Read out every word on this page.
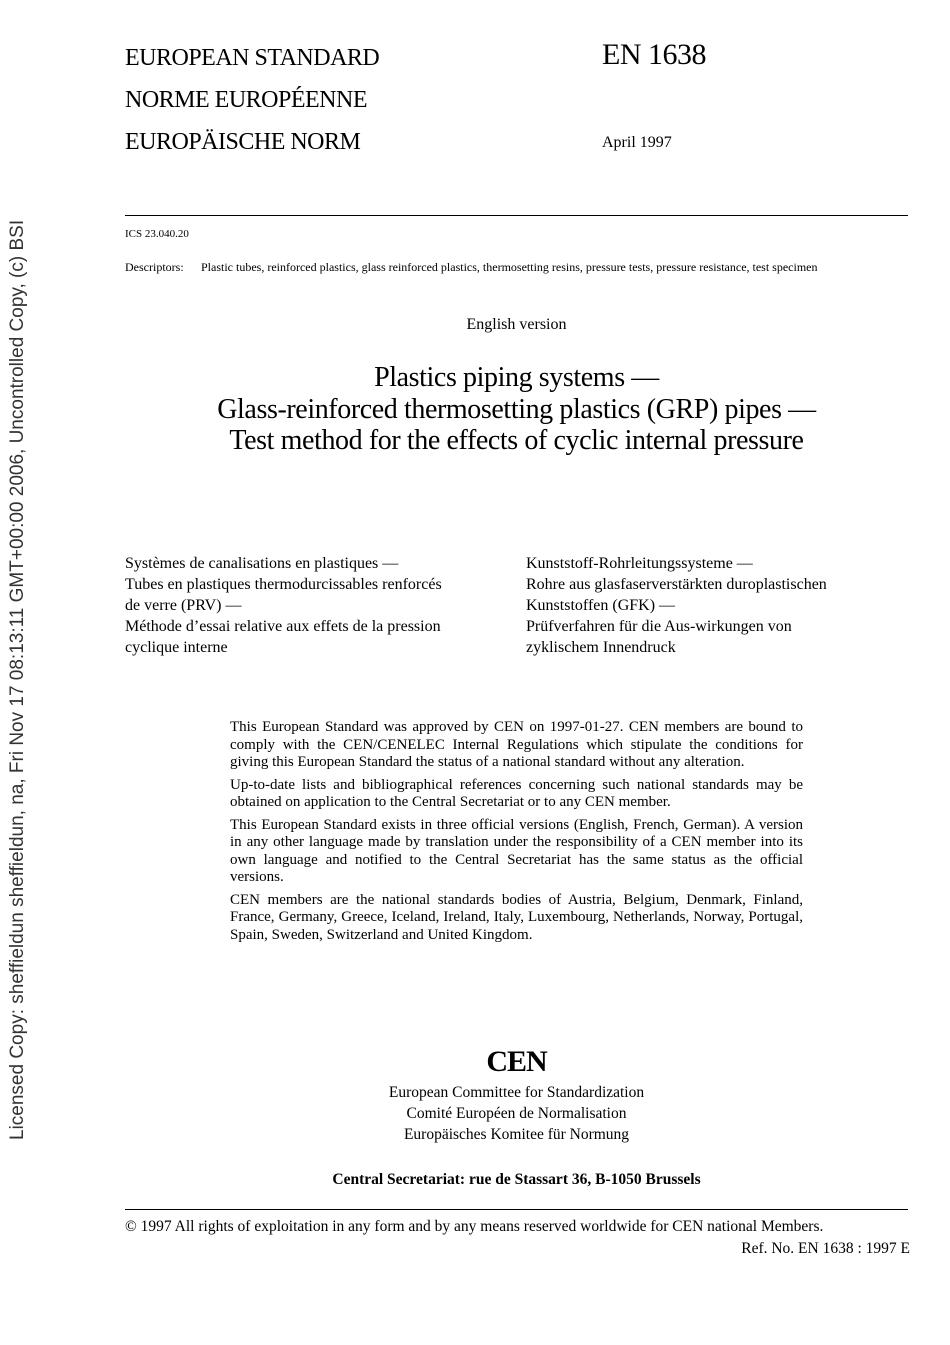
EUROPEAN STANDARD
NORME EUROPÉENNE
EUROPÄISCHE NORM
EN 1638
April 1997
ICS 23.040.20
Descriptors: Plastic tubes, reinforced plastics, glass reinforced plastics, thermosetting resins, pressure tests, pressure resistance, test specimen
English version
Plastics piping systems —
Glass-reinforced thermosetting plastics (GRP) pipes —
Test method for the effects of cyclic internal pressure
Systèmes de canalisations en plastiques —
Tubes en plastiques thermodurcissables renforcés
de verre (PRV) —
Méthode d’essai relative aux effets de la pression
cyclique interne
Kunststoff-Rohrleitungssysteme —
Rohre aus glasfaserverstärkten duroplastischen
Kunststoffen (GFK) —
Prüfverfahren für die Aus-wirkungen von
zyklischem Innendruck

This European Standard was approved by CEN on 1997-01-27. CEN members are bound to comply with the CEN/CENELEC Internal Regulations which stipulate the conditions for giving this European Standard the status of a national standard without any alteration.

Up-to-date lists and bibliographical references concerning such national standards may be obtained on application to the Central Secretariat or to any CEN member.

This European Standard exists in three official versions (English, French, German). A version in any other language made by translation under the responsibility of a CEN member into its own language and notified to the Central Secretariat has the same status as the official versions.

CEN members are the national standards bodies of Austria, Belgium, Denmark, Finland, France, Germany, Greece, Iceland, Ireland, Italy, Luxembourg, Netherlands, Norway, Portugal, Spain, Sweden, Switzerland and United Kingdom.

CEN
European Committee for Standardization
Comité Européen de Normalisation
Europäisches Komitee für Normung
Central Secretariat: rue de Stassart 36, B-1050 Brussels
© 1997 All rights of exploitation in any form and by any means reserved worldwide for CEN national Members.
Ref. No. EN 1638 : 1997 E
Licensed Copy: sheffieldun sheffieldun, na, Fri Nov 17 08:13:11 GMT+00:00 2006, Uncontrolled Copy, (c) BSI
